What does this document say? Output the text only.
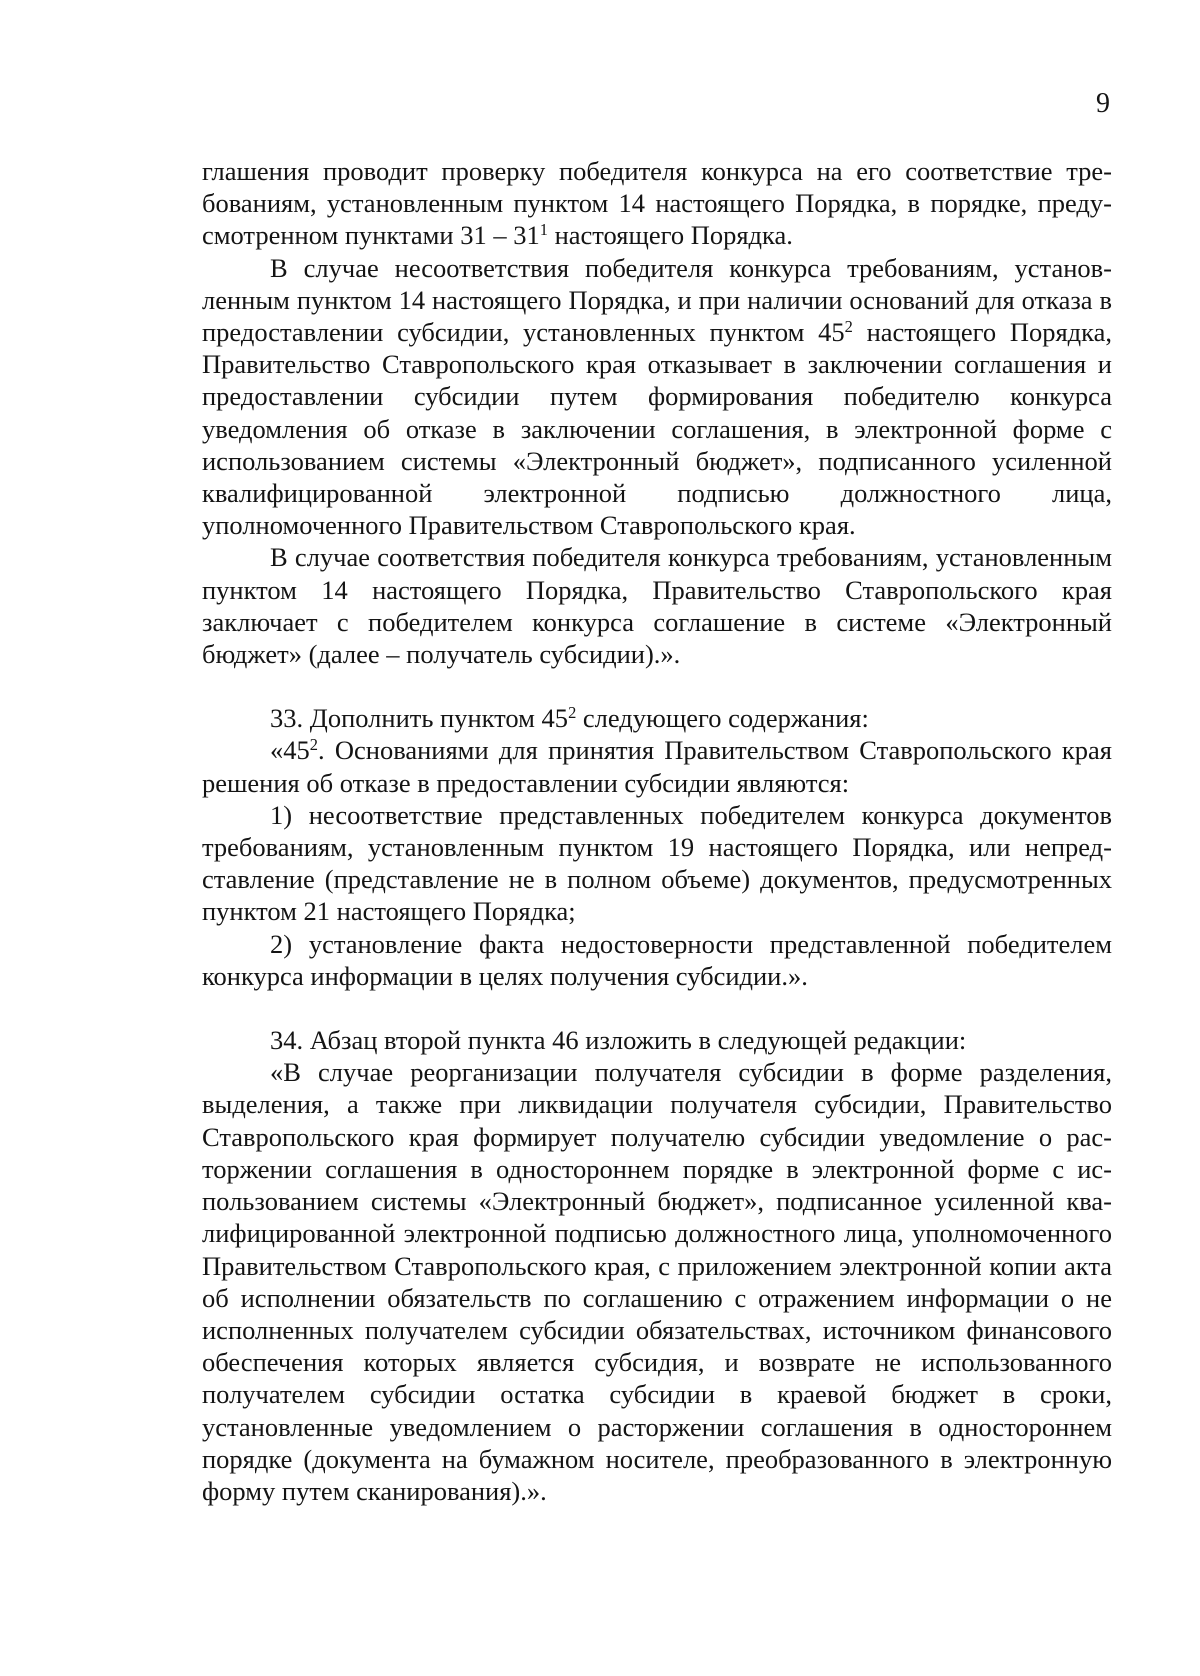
9

глашения проводит проверку победителя конкурса на его соответствие требованиям, установленным пунктом 14 настоящего Порядка, в порядке, предусмотренном пунктами $31 - 31^1$ настоящего Порядка.

В случае несоответствия победителя конкурса требованиям, установленным пунктом 14 настоящего Порядка, и при наличии оснований для отказа в предоставлении субсидии, установленных пунктом $45^2$ настоящего Порядка, Правительство Ставропольского края отказывает в заключении соглашения и предоставлении субсидии путем формирования победителю конкурса уведомления об отказе в заключении соглашения, в электронной форме с использованием системы «Электронный бюджет», подписанного усиленной квалифицированной электронной подписью должностного лица, уполномоченного Правительством Ставропольского края.

В случае соответствия победителя конкурса требованиям, установленным пунктом 14 настоящего Порядка, Правительство Ставропольского края заключает с победителем конкурса соглашение в системе «Электронный бюджет» (далее – получатель субсидии).».

33. Дополнить пунктом $45^2$ следующего содержания:

«$45^2$. Основаниями для принятия Правительством Ставропольского края решения об отказе в предоставлении субсидии являются:

1) несоответствие представленных победителем конкурса документов требованиям, установленным пунктом 19 настоящего Порядка, или непредставление (представление не в полном объеме) документов, предусмотренных пунктом 21 настоящего Порядка;

2) установление факта недостоверности представленной победителем конкурса информации в целях получения субсидии.».

34. Абзац второй пункта 46 изложить в следующей редакции:

«В случае реорганизации получателя субсидии в форме разделения, выделения, а также при ликвидации получателя субсидии, Правительство Ставропольского края формирует получателю субсидии уведомление о расторжении соглашения в одностороннем порядке в электронной форме с использованием системы «Электронный бюджет», подписанное усиленной квалифицированной электронной подписью должностного лица, уполномоченного Правительством Ставропольского края, с приложением электронной копии акта об исполнении обязательств по соглашению с отражением информации о не исполненных получателем субсидии обязательствах, источником финансового обеспечения которых является субсидия, и возврате не использованного получателем субсидии остатка субсидии в краевой бюджет в сроки, установленные уведомлением о расторжении соглашения в одностороннем порядке (документа на бумажном носителе, преобразованного в электронную форму путем сканирования).».
